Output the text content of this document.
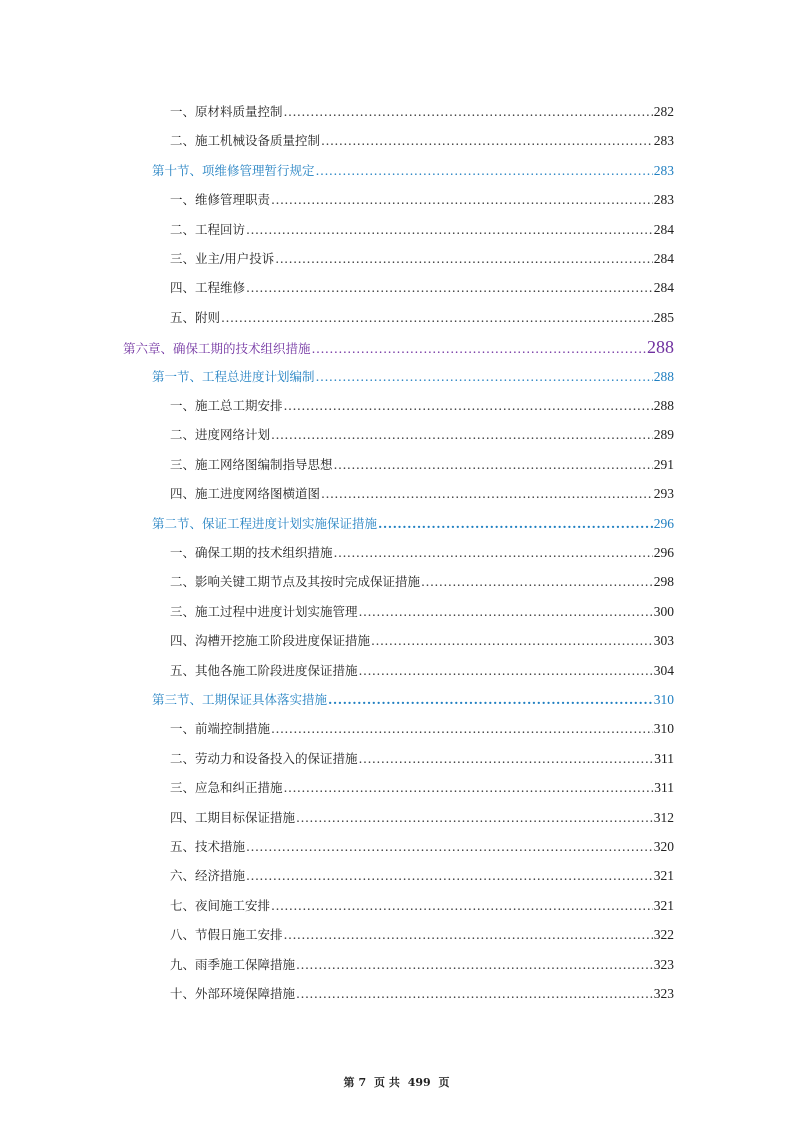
一、原材料质量控制 .....	282
二、施工机械设备质量控制 .....	283
第十节、项维修管理暂行规定 .....	283
一、维修管理职责 .....	283
二、工程回访 .....	284
三、业主/用户投诉 .....	284
四、工程维修 .....	284
五、附则 .....	285
第六章、确保工期的技术组织措施 .....	288
第一节、工程总进度计划编制 .....	288
一、施工总工期安排 .....	288
二、进度网络计划 .....	289
三、施工网络图编制指导思想 .....	291
四、施工进度网络图横道图 .....	293
第二节、保证工程进度计划实施保证措施 .....	296
一、确保工期的技术组织措施 .....	296
二、影响关键工期节点及其按时完成保证措施 .....	298
三、施工过程中进度计划实施管理 .....	300
四、沟槽开挖施工阶段进度保证措施 .....	303
五、其他各施工阶段进度保证措施 .....	304
第三节、工期保证具体落实措施 .....	310
一、前端控制措施 .....	310
二、劳动力和设备投入的保证措施 .....	311
三、应急和纠正措施 .....	311
四、工期目标保证措施 .....	312
五、技术措施 .....	320
六、经济措施 .....	321
七、夜间施工安排 .....	321
八、节假日施工安排 .....	322
九、雨季施工保障措施 .....	323
十、外部环境保障措施 .....	323
第 7 页 共 499 页
